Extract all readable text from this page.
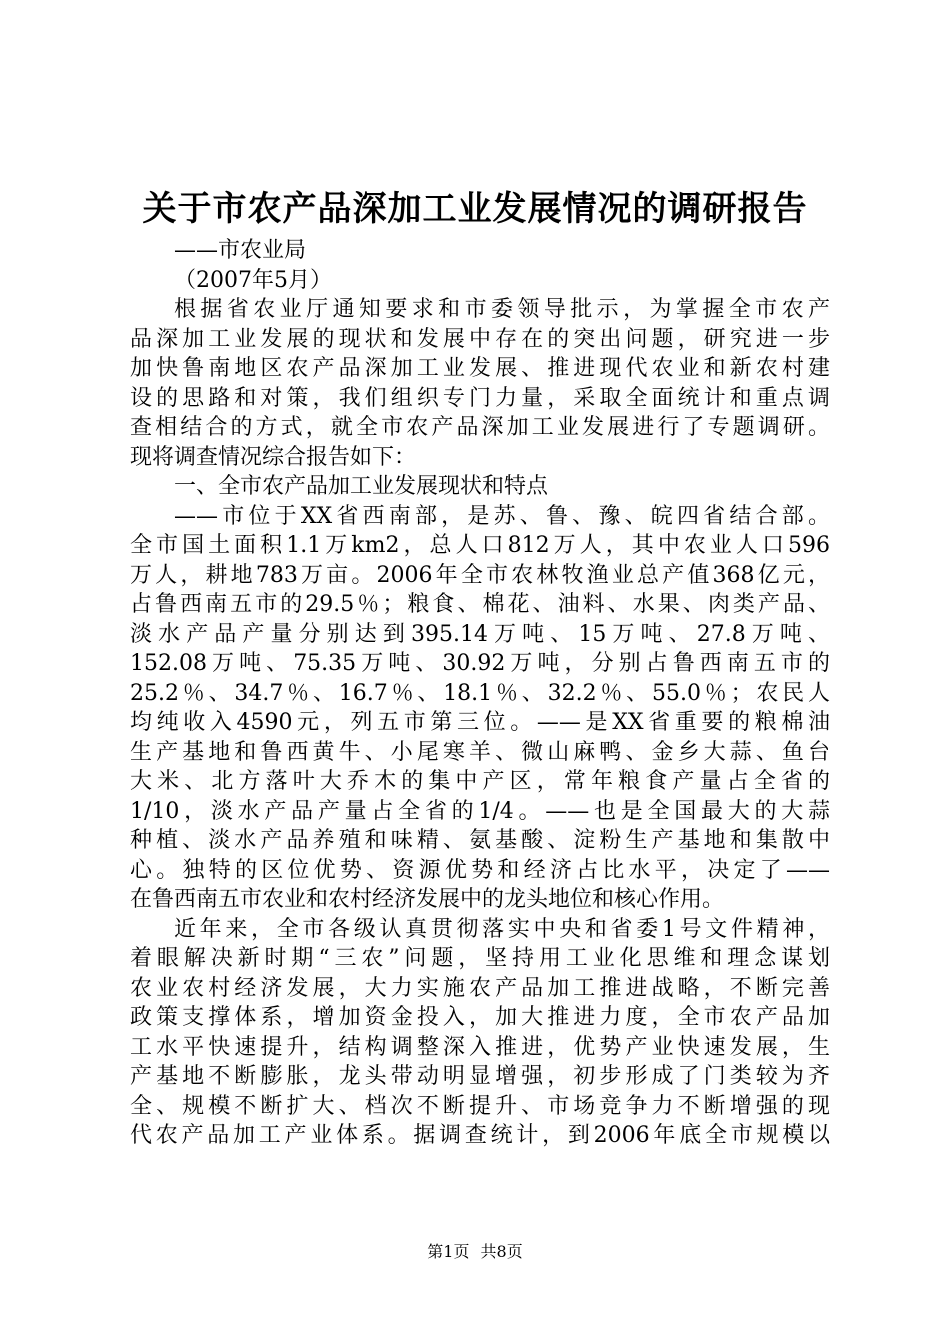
关于市农产品深加工业发展情况的调研报告
——市农业局
（2007年5月）
根据省农业厅通知要求和市委领导批示，为掌握全市农产
品深加工业发展的现状和发展中存在的突出问题，研究进一步
加快鲁南地区农产品深加工业发展、推进现代农业和新农村建
设的思路和对策，我们组织专门力量，采取全面统计和重点调
查相结合的方式，就全市农产品深加工业发展进行了专题调研。
现将调查情况综合报告如下：
一、全市农产品加工业发展现状和特点
——市位于XX省西南部，是苏、鲁、豫、皖四省结合部。
全市国土面积1.1万km2，总人口812万人，其中农业人口596
万人，耕地783万亩。2006年全市农林牧渔业总产值368亿元，
占鲁西南五市的29.5％；粮食、棉花、油料、水果、肉类产品、
淡水产品产量分别达到395.14万吨、15万吨、27.8万吨、
152.08万吨、75.35万吨、30.92万吨，分别占鲁西南五市的
25.2％、34.7％、16.7％、18.1％、32.2％、55.0％；农民人
均纯收入4590元，列五市第三位。——是XX省重要的粮棉油
生产基地和鲁西黄牛、小尾寒羊、微山麻鸭、金乡大蒜、鱼台
大米、北方落叶大乔木的集中产区，常年粮食产量占全省的
1/10，淡水产品产量占全省的1/4。——也是全国最大的大蒜
种植、淡水产品养殖和味精、氨基酸、淀粉生产基地和集散中
心。独特的区位优势、资源优势和经济占比水平，决定了——
在鲁西南五市农业和农村经济发展中的龙头地位和核心作用。
近年来，全市各级认真贯彻落实中央和省委1号文件精神，
着眼解决新时期“三农”问题，坚持用工业化思维和理念谋划
农业农村经济发展，大力实施农产品加工推进战略，不断完善
政策支撑体系，增加资金投入，加大推进力度，全市农产品加
工水平快速提升，结构调整深入推进，优势产业快速发展，生
产基地不断膨胀，龙头带动明显增强，初步形成了门类较为齐
全、规模不断扩大、档次不断提升、市场竞争力不断增强的现
代农产品加工产业体系。据调查统计，到2006年底全市规模以
第1页 共8页
